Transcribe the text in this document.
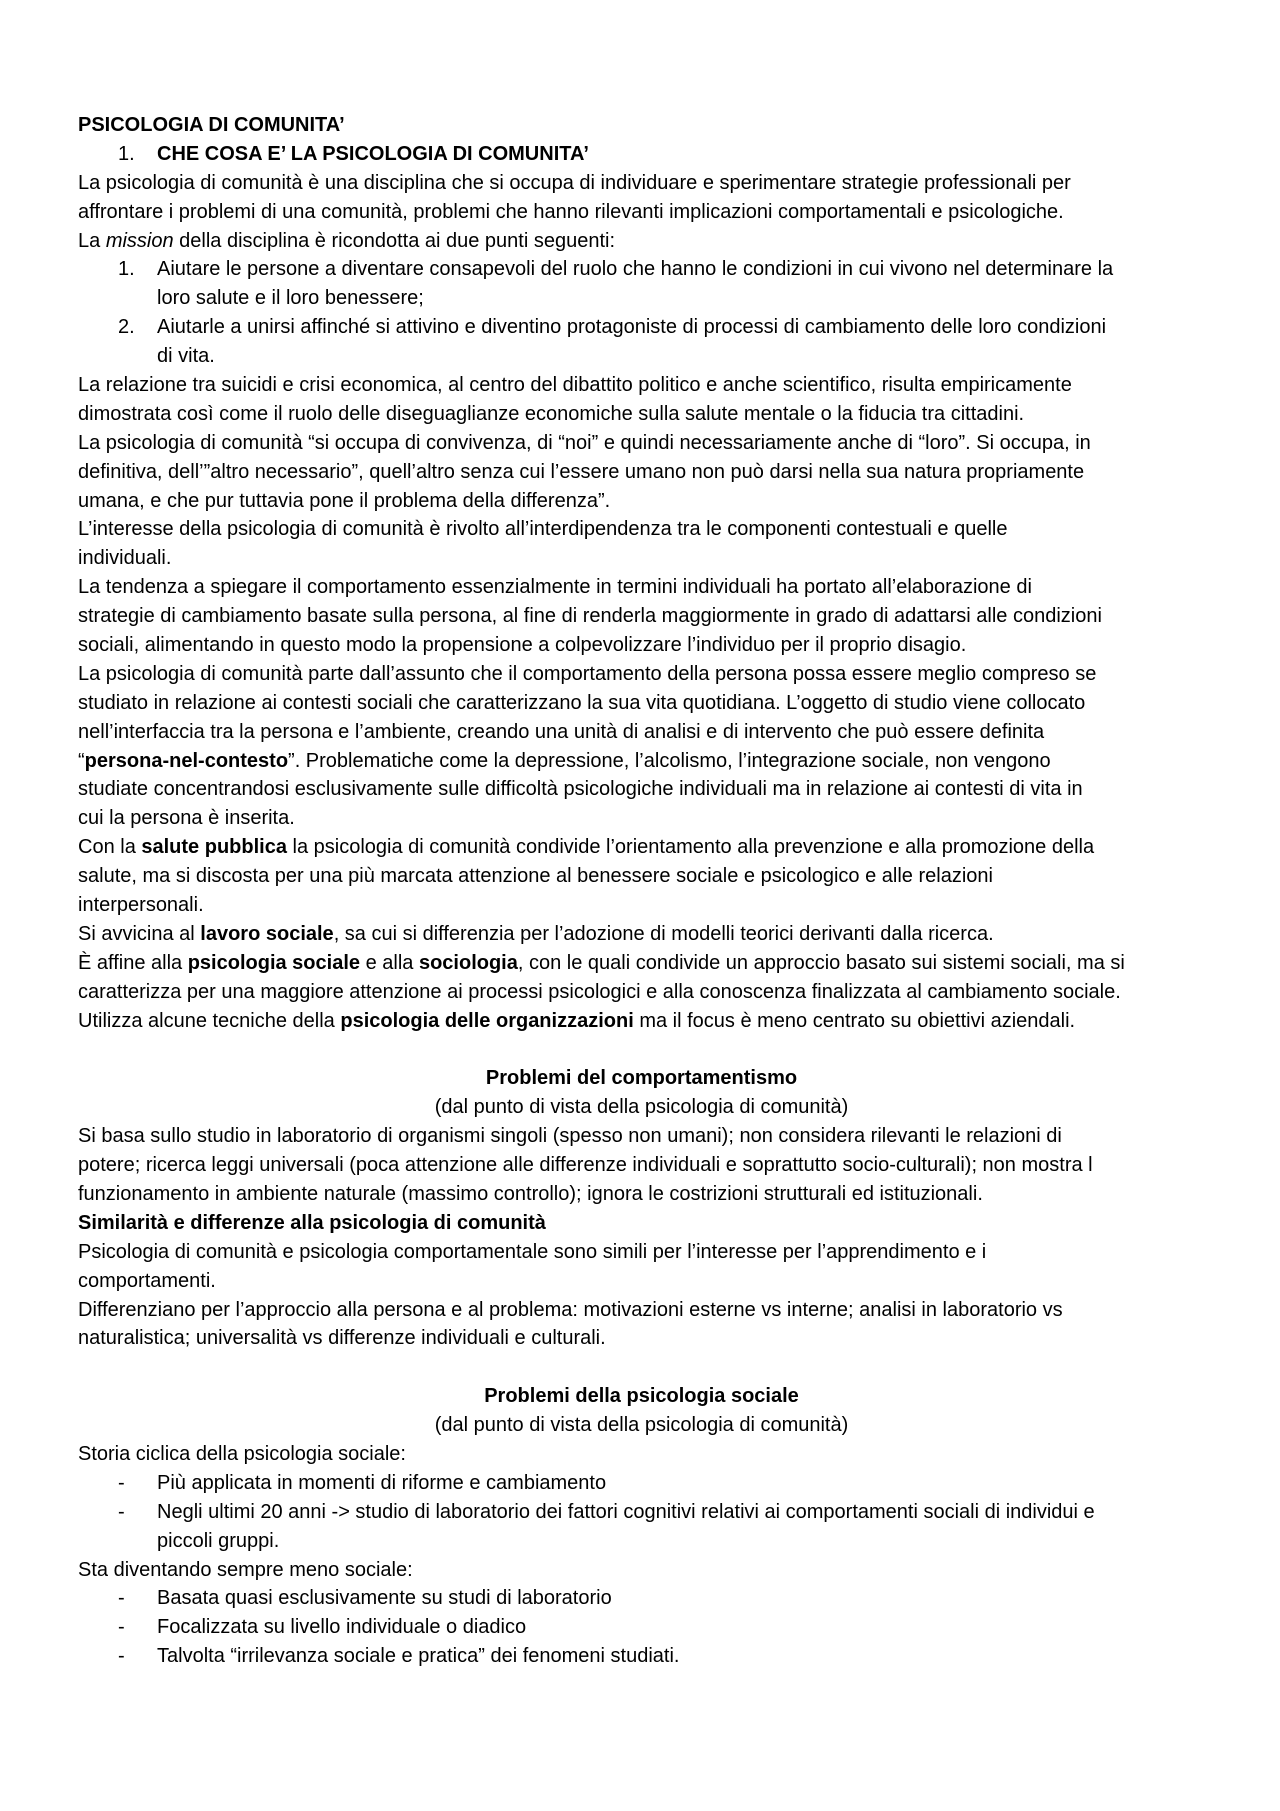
PSICOLOGIA DI COMUNITA’
1. CHE COSA E’ LA PSICOLOGIA DI COMUNITA’
La psicologia di comunità è una disciplina che si occupa di individuare e sperimentare strategie professionali per
affrontare i problemi di una comunità, problemi che hanno rilevanti implicazioni comportamentali e psicologiche.
La mission della disciplina è ricondotta ai due punti seguenti:
1. Aiutare le persone a diventare consapevoli del ruolo che hanno le condizioni in cui vivono nel determinare la
loro salute e il loro benessere;
2. Aiutarle a unirsi affinché si attivino e diventino protagoniste di processi di cambiamento delle loro condizioni
di vita.
La relazione tra suicidi e crisi economica, al centro del dibattito politico e anche scientifico, risulta empiricamente
dimostrata così come il ruolo delle diseguaglianze economiche sulla salute mentale o la fiducia tra cittadini.
La psicologia di comunità “si occupa di convivenza, di “noi” e quindi necessariamente anche di “loro”. Si occupa, in
definitiva, dell’”altro necessario”, quell’altro senza cui l’essere umano non può darsi nella sua natura propriamente
umana, e che pur tuttavia pone il problema della differenza”.
L’interesse della psicologia di comunità è rivolto all’interdipendenza tra le componenti contestuali e quelle
individuali.
La tendenza a spiegare il comportamento essenzialmente in termini individuali ha portato all’elaborazione di
strategie di cambiamento basate sulla persona, al fine di renderla maggiormente in grado di adattarsi alle condizioni
sociali, alimentando in questo modo la propensione a colpevolizzare l’individuo per il proprio disagio.
La psicologia di comunità parte dall’assunto che il comportamento della persona possa essere meglio compreso se
studiato in relazione ai contesti sociali che caratterizzano la sua vita quotidiana. L’oggetto di studio viene collocato
nell’interfaccia tra la persona e l’ambiente, creando una unità di analisi e di intervento che può essere definita
“persona-nel-contesto”. Problematiche come la depressione, l’alcolismo, l’integrazione sociale, non vengono
studiate concentrandosi esclusivamente sulle difficoltà psicologiche individuali ma in relazione ai contesti di vita in
cui la persona è inserita.
Con la salute pubblica la psicologia di comunità condivide l’orientamento alla prevenzione e alla promozione della
salute, ma si discosta per una più marcata attenzione al benessere sociale e psicologico e alle relazioni
interpersonali.
Si avvicina al lavoro sociale, sa cui si differenzia per l’adozione di modelli teorici derivanti dalla ricerca.
È affine alla psicologia sociale e alla sociologia, con le quali condivide un approccio basato sui sistemi sociali, ma si
caratterizza per una maggiore attenzione ai processi psicologici e alla conoscenza finalizzata al cambiamento sociale.
Utilizza alcune tecniche della psicologia delle organizzazioni ma il focus è meno centrato su obiettivi aziendali.
Problemi del comportamentismo
(dal punto di vista della psicologia di comunità)
Si basa sullo studio in laboratorio di organismi singoli (spesso non umani); non considera rilevanti le relazioni di
potere; ricerca leggi universali (poca attenzione alle differenze individuali e soprattutto socio-culturali); non mostra l
funzionamento in ambiente naturale (massimo controllo); ignora le costrizioni strutturali ed istituzionali.
Similarità e differenze alla psicologia di comunità
Psicologia di comunità e psicologia comportamentale sono simili per l’interesse per l’apprendimento e i
comportamenti.
Differenziano per l’approccio alla persona e al problema: motivazioni esterne vs interne; analisi in laboratorio vs
naturalistica; universalità vs differenze individuali e culturali.
Problemi della psicologia sociale
(dal punto di vista della psicologia di comunità)
Storia ciclica della psicologia sociale:
- Più applicata in momenti di riforme e cambiamento
- Negli ultimi 20 anni -> studio di laboratorio dei fattori cognitivi relativi ai comportamenti sociali di individui e
piccoli gruppi.
Sta diventando sempre meno sociale:
- Basata quasi esclusivamente su studi di laboratorio
- Focalizzata su livello individuale o diadico
- Talvolta “irrilevanza sociale e pratica” dei fenomeni studiati.
